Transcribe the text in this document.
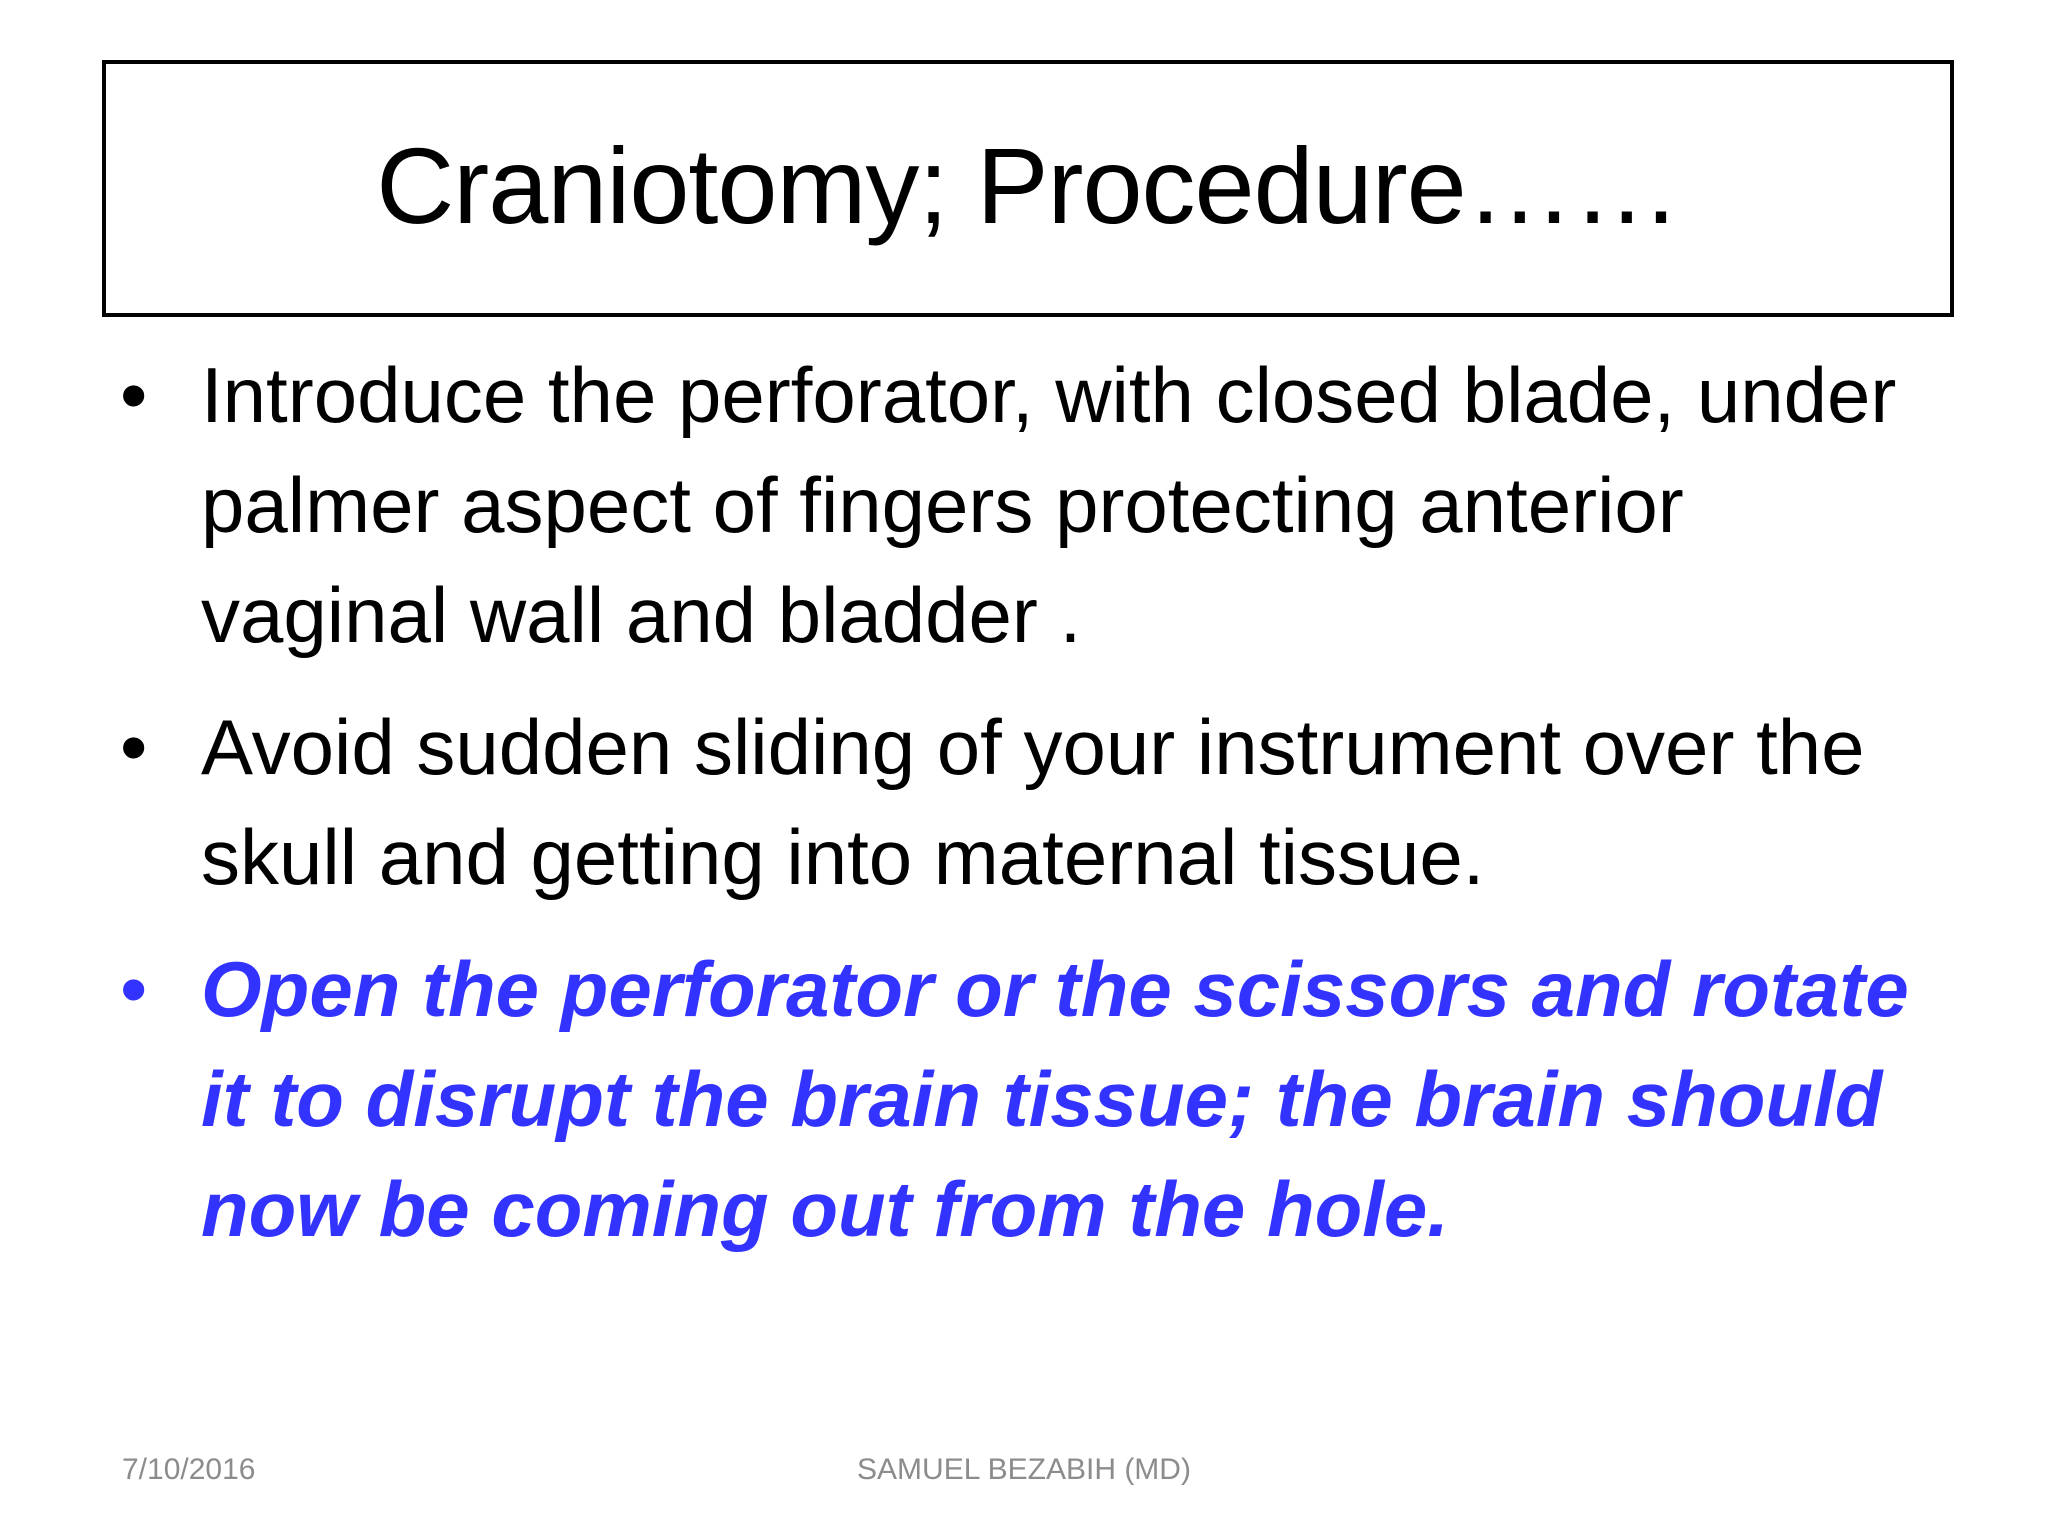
Craniotomy; Procedure……
• Introduce the perforator, with closed blade, under palmer aspect of fingers protecting anterior vaginal wall and bladder .
• Avoid sudden sliding of your instrument over the skull and getting into maternal tissue.
• Open the perforator or the scissors and rotate it to disrupt the brain tissue; the brain should now be coming out from the hole.
7/10/2016	SAMUEL BEZABIH (MD)
